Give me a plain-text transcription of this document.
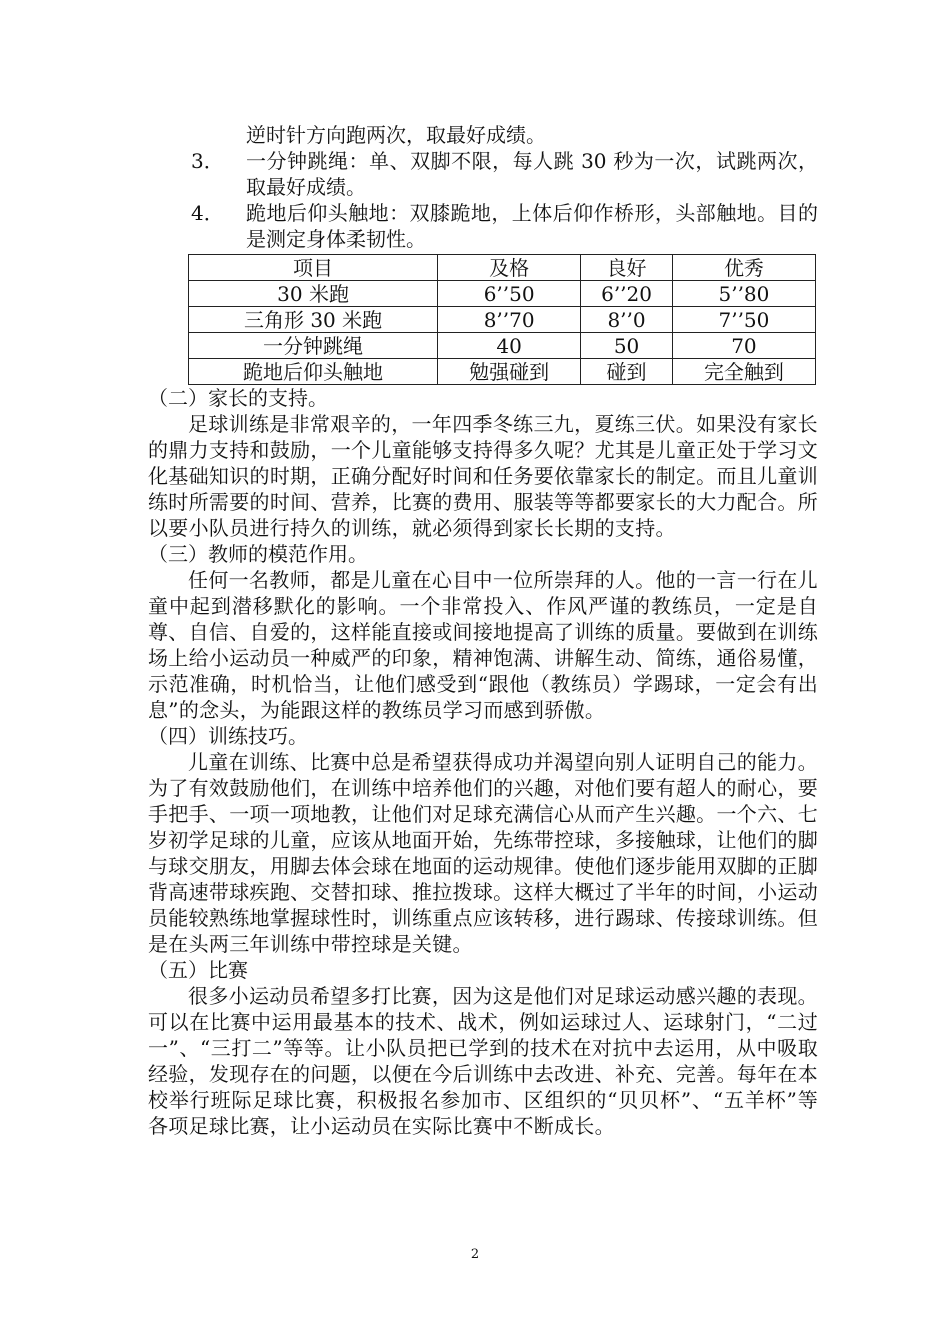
逆时针方向跑两次，取最好成绩。
3．	一分钟跳绳：单、双脚不限，每人跳 30 秒为一次，试跳两次，取最好成绩。
4．	跪地后仰头触地：双膝跪地，上体后仰作桥形，头部触地。目的是测定身体柔韧性。
项目	及格	良好	优秀
30 米跑	6’’50	6’’20	5’’80
三角形 30 米跑	8’’70	8’’0	7’’50
一分钟跳绳	40	50	70
跪地后仰头触地	勉强碰到	碰到	完全触到

（二）家长的支持。

足球训练是非常艰辛的，一年四季冬练三九，夏练三伏。如果没有家长的鼎力支持和鼓励，一个儿童能够支持得多久呢？尤其是儿童正处于学习文化基础知识的时期，正确分配好时间和任务要依靠家长的制定。而且儿童训练时所需要的时间、营养，比赛的费用、服装等等都要家长的大力配合。所以要小队员进行持久的训练，就必须得到家长长期的支持。

（三）教师的模范作用。

任何一名教师，都是儿童在心目中一位所崇拜的人。他的一言一行在儿童中起到潜移默化的影响。一个非常投入、作风严谨的教练员，一定是自尊、自信、自爱的，这样能直接或间接地提高了训练的质量。要做到在训练场上给小运动员一种威严的印象，精神饱满、讲解生动、简练，通俗易懂，示范准确，时机恰当，让他们感受到“跟他（教练员）学踢球，一定会有出息”的念头，为能跟这样的教练员学习而感到骄傲。

（四）训练技巧。

儿童在训练、比赛中总是希望获得成功并渴望向别人证明自己的能力。为了有效鼓励他们，在训练中培养他们的兴趣，对他们要有超人的耐心，要手把手、一项一项地教，让他们对足球充满信心从而产生兴趣。一个六、七岁初学足球的儿童，应该从地面开始，先练带控球，多接触球，让他们的脚与球交朋友，用脚去体会球在地面的运动规律。使他们逐步能用双脚的正脚背高速带球疾跑、交替扣球、推拉拨球。这样大概过了半年的时间，小运动员能较熟练地掌握球性时，训练重点应该转移，进行踢球、传接球训练。但是在头两三年训练中带控球是关键。

（五）比赛

很多小运动员希望多打比赛，因为这是他们对足球运动感兴趣的表现。可以在比赛中运用最基本的技术、战术，例如运球过人、运球射门，“二过一”、“三打二”等等。让小队员把已学到的技术在对抗中去运用，从中吸取经验，发现存在的问题，以便在今后训练中去改进、补充、完善。每年在本校举行班际足球比赛，积极报名参加市、区组织的“贝贝杯”、“五羊杯”等各项足球比赛，让小运动员在实际比赛中不断成长。

2
